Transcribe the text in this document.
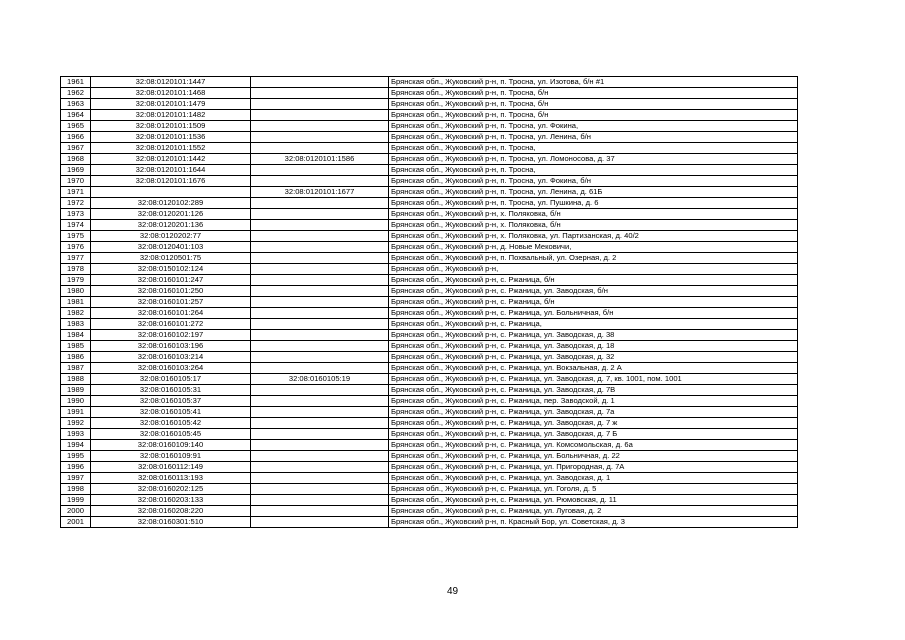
1961	32:08:0120101:1447		Брянская обл., Жуковский р-н, п. Тросна, ул. Изотова, б/н #1
1962	32:08:0120101:1468		Брянская обл., Жуковский р-н, п. Тросна, б/н
1963	32:08:0120101:1479		Брянская обл., Жуковский р-н, п. Тросна, б/н
1964	32:08:0120101:1482		Брянская обл., Жуковский р-н, п. Тросна, б/н
1965	32:08:0120101:1509		Брянская обл., Жуковский р-н, п. Тросна, ул. Фокина,
1966	32:08:0120101:1536		Брянская обл., Жуковский р-н, п. Тросна, ул. Ленина, б/н
1967	32:08:0120101:1552		Брянская обл., Жуковский р-н, п. Тросна,
1968	32:08:0120101:1442	32:08:0120101:1586	Брянская обл., Жуковский р-н, п. Тросна, ул. Ломоносова, д. 37
1969	32:08:0120101:1644		Брянская обл., Жуковский р-н, п. Тросна,
1970	32:08:0120101:1676		Брянская обл., Жуковский р-н, п. Тросна, ул. Фокина, б/н
1971		32:08:0120101:1677	Брянская обл., Жуковский р-н, п. Тросна, ул. Ленина, д. 61Б
1972	32:08:0120102:289		Брянская обл., Жуковский р-н, п. Тросна, ул. Пушкина, д. 6
1973	32:08:0120201:126		Брянская обл., Жуковский р-н, х. Поляковка, б/н
1974	32:08:0120201:136		Брянская обл., Жуковский р-н, х. Поляковка, б/н
1975	32:08:0120202:77		Брянская обл., Жуковский р-н, х. Поляковка, ул. Партизанская, д. 40/2
1976	32:08:0120401:103		Брянская обл., Жуковский р-н, д. Новые Мековичи,
1977	32:08:0120501:75		Брянская обл., Жуковский р-н, п. Похвальный, ул. Озерная, д. 2
1978	32:08:0150102:124		Брянская обл., Жуковский р-н,
1979	32:08:0160101:247		Брянская обл., Жуковский р-н, с. Ржаница, б/н
1980	32:08:0160101:250		Брянская обл., Жуковский р-н, с. Ржаница, ул. Заводская, б/н
1981	32:08:0160101:257		Брянская обл., Жуковский р-н, с. Ржаница, б/н
1982	32:08:0160101:264		Брянская обл., Жуковский р-н, с. Ржаница, ул. Больничная, б/н
1983	32:08:0160101:272		Брянская обл., Жуковский р-н, с. Ржаница,
1984	32:08:0160102:197		Брянская обл., Жуковский р-н, с. Ржаница, ул. Заводская, д. 38
1985	32:08:0160103:196		Брянская обл., Жуковский р-н, с. Ржаница, ул. Заводская, д. 18
1986	32:08:0160103:214		Брянская обл., Жуковский р-н, с. Ржаница, ул. Заводская, д. 32
1987	32:08:0160103:264		Брянская обл., Жуковский р-н, с. Ржаница, ул. Вокзальная, д. 2 А
1988	32:08:0160105:17	32:08:0160105:19	Брянская обл., Жуковский р-н, с. Ржаница, ул. Заводская, д. 7, кв. 1001, пом. 1001
1989	32:08:0160105:31		Брянская обл., Жуковский р-н, с. Ржаница, ул. Заводская, д. 7В
1990	32:08:0160105:37		Брянская обл., Жуковский р-н, с. Ржаница, пер. Заводской, д. 1
1991	32:08:0160105:41		Брянская обл., Жуковский р-н, с. Ржаница, ул. Заводская, д. 7а
1992	32:08:0160105:42		Брянская обл., Жуковский р-н, с. Ржаница, ул. Заводская, д. 7 ж
1993	32:08:0160105:45		Брянская обл., Жуковский р-н, с. Ржаница, ул. Заводская, д. 7 Б
1994	32:08:0160109:140		Брянская обл., Жуковский р-н, с. Ржаница, ул. Комсомольская, д. 6а
1995	32:08:0160109:91		Брянская обл., Жуковский р-н, с. Ржаница, ул. Больничная, д. 22
1996	32:08:0160112:149		Брянская обл., Жуковский р-н, с. Ржаница, ул. Пригородная, д. 7А
1997	32:08:0160113:193		Брянская обл., Жуковский р-н, с. Ржаница, ул. Заводская, д. 1
1998	32:08:0160202:125		Брянская обл., Жуковский р-н, с. Ржаница, ул. Гоголя, д. 5
1999	32:08:0160203:133		Брянская обл., Жуковский р-н, с. Ржаница, ул. Рюмовская, д. 11
2000	32:08:0160208:220		Брянская обл., Жуковский р-н, с. Ржаница, ул. Луговая, д. 2
2001	32:08:0160301:510		Брянская обл., Жуковский р-н, п. Красный Бор, ул. Советская, д. 3
49
